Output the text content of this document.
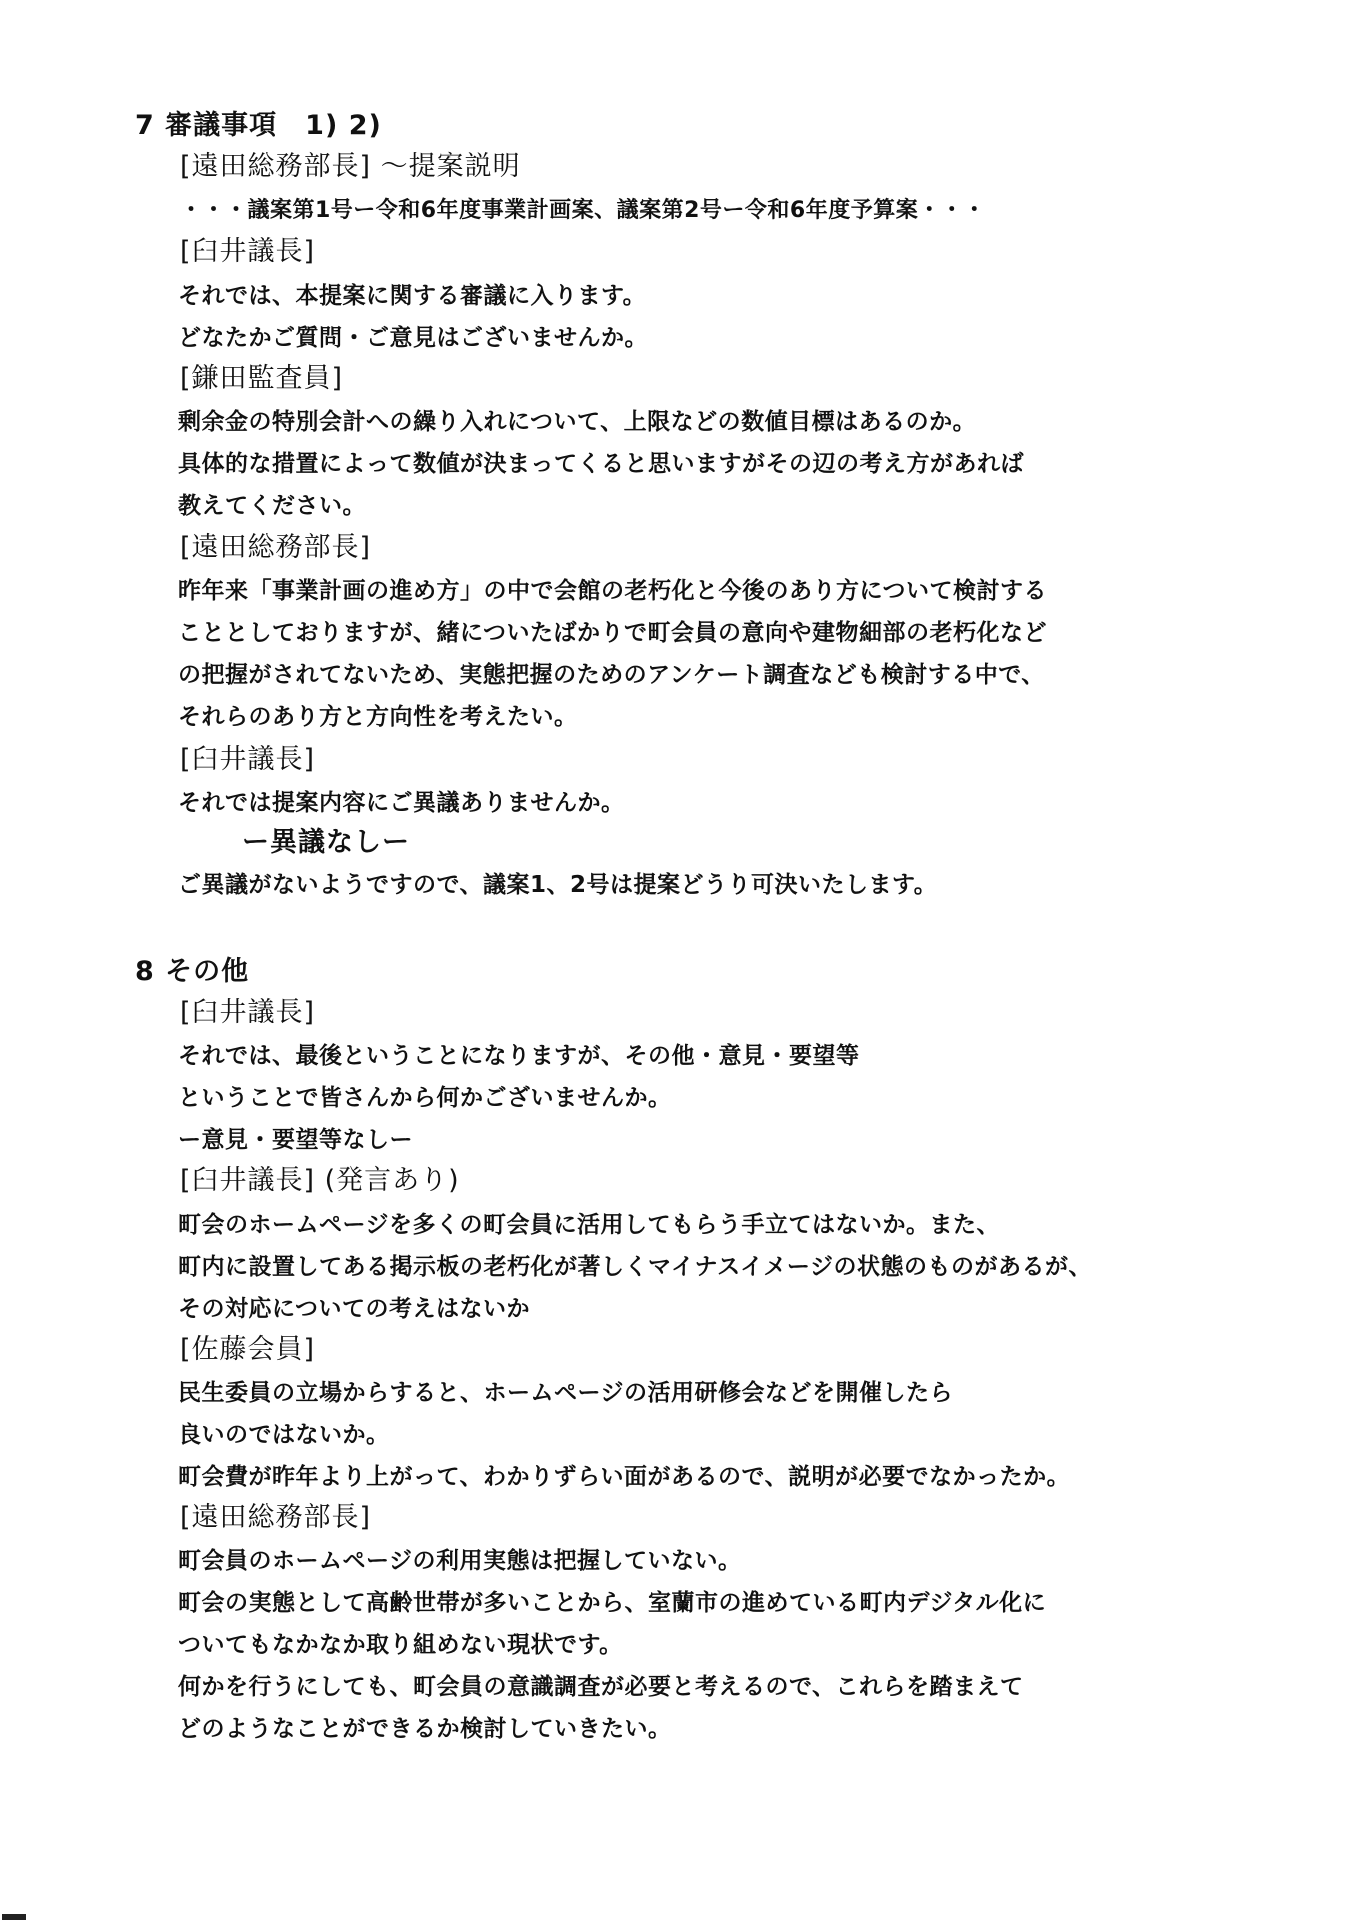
7 審議事項　1) 2)
[遠田総務部長] ～提案説明
・・・議案第1号ー令和6年度事業計画案、議案第2号ー令和6年度予算案・・・
[臼井議長]
それでは、本提案に関する審議に入ります。
どなたかご質問・ご意見はございませんか。
[鎌田監査員]
剰余金の特別会計への繰り入れについて、上限などの数値目標はあるのか。
具体的な措置によって数値が決まってくると思いますがその辺の考え方があれば
教えてください。
[遠田総務部長]
昨年来「事業計画の進め方」の中で会館の老朽化と今後のあり方について検討する
こととしておりますが、緒についたばかりで町会員の意向や建物細部の老朽化など
の把握がされてないため、実態把握のためのアンケート調査なども検討する中で、
それらのあり方と方向性を考えたい。
[臼井議長]
それでは提案内容にご異議ありませんか。
ー異議なしー
ご異議がないようですので、議案1、2号は提案どうり可決いたします。
8 その他
[臼井議長]
それでは、最後ということになりますが、その他・意見・要望等
ということで皆さんから何かございませんか。
ー意見・要望等なしー
[臼井議長] (発言あり)
町会のホームページを多くの町会員に活用してもらう手立てはないか。また、
町内に設置してある掲示板の老朽化が著しくマイナスイメージの状態のものがあるが、
その対応についての考えはないか
[佐藤会員]
民生委員の立場からすると、ホームページの活用研修会などを開催したら
良いのではないか。
町会費が昨年より上がって、わかりずらい面があるので、説明が必要でなかったか。
[遠田総務部長]
町会員のホームページの利用実態は把握していない。
町会の実態として高齢世帯が多いことから、室蘭市の進めている町内デジタル化に
ついてもなかなか取り組めない現状です。
何かを行うにしても、町会員の意識調査が必要と考えるので、これらを踏まえて
どのようなことができるか検討していきたい。
